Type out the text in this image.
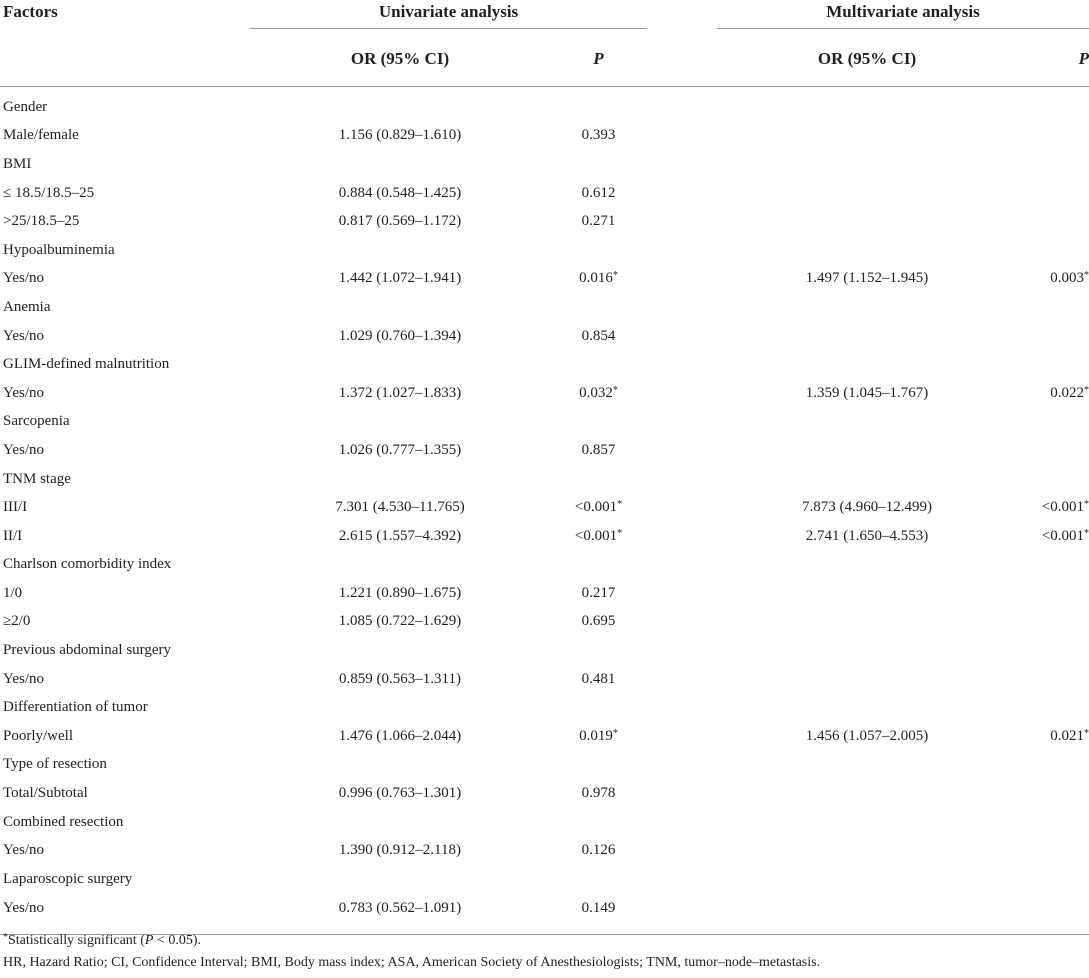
Factors	Univariate analysis			Multivariate analysis	

	OR (95% CI)	P		OR (95% CI)	P

Gender					
Male/female	1.156 (0.829–1.610)	0.393			
BMI					
≤ 18.5/18.5–25	0.884 (0.548–1.425)	0.612			
>25/18.5–25	0.817 (0.569–1.172)	0.271			
Hypoalbuminemia					
Yes/no	1.442 (1.072–1.941)	0.016*		1.497 (1.152–1.945)	0.003*
Anemia					
Yes/no	1.029 (0.760–1.394)	0.854			
GLIM-defined malnutrition					
Yes/no	1.372 (1.027–1.833)	0.032*		1.359 (1.045–1.767)	0.022*
Sarcopenia					
Yes/no	1.026 (0.777–1.355)	0.857			
TNM stage					
III/I	7.301 (4.530–11.765)	<0.001*		7.873 (4.960–12.499)	<0.001*
II/I	2.615 (1.557–4.392)	<0.001*		2.741 (1.650–4.553)	<0.001*
Charlson comorbidity index					
1/0	1.221 (0.890–1.675)	0.217			
≥2/0	1.085 (0.722–1.629)	0.695			
Previous abdominal surgery					
Yes/no	0.859 (0.563–1.311)	0.481			
Differentiation of tumor					
Poorly/well	1.476 (1.066–2.044)	0.019*		1.456 (1.057–2.005)	0.021*
Type of resection					
Total/Subtotal	0.996 (0.763–1.301)	0.978			
Combined resection					
Yes/no	1.390 (0.912–2.118)	0.126			
Laparoscopic surgery					
Yes/no	0.783 (0.562–1.091)	0.149			

*Statistically significant (P < 0.05).

HR, Hazard Ratio; CI, Confidence Interval; BMI, Body mass index; ASA, American Society of Anesthesiologists; TNM, tumor–node–metastasis.
